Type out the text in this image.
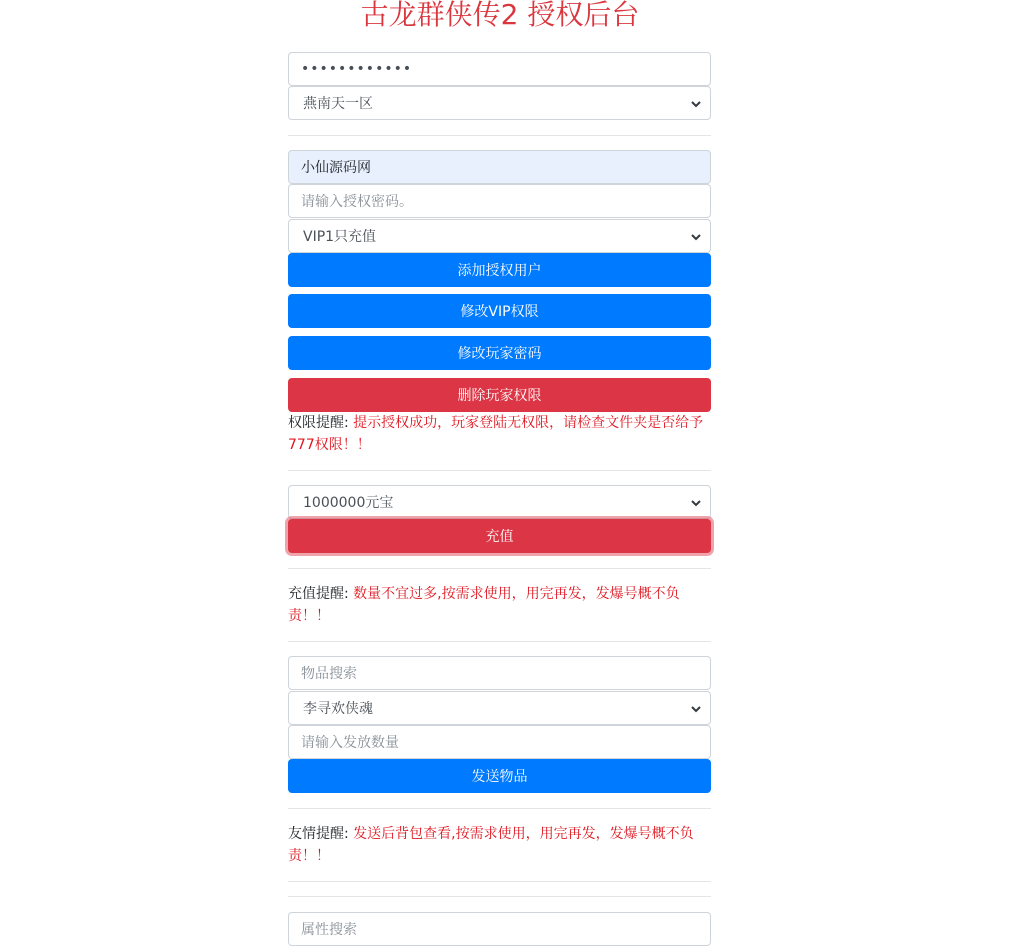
古龙群侠传2 授权后台
••••••••••••
燕南天一区
小仙源码网
请输入授权密码。
VIP1只充值
添加授权用户
修改VIP权限
修改玩家密码
删除玩家权限
权限提醒: 提示授权成功，玩家登陆无权限，请检查文件夹是否给予777权限！！
1000000元宝
充值
充值提醒: 数量不宜过多,按需求使用，用完再发，发爆号概不负责！！
物品搜索
李寻欢侠魂
请输入发放数量
发送物品
友情提醒: 发送后背包查看,按需求使用，用完再发，发爆号概不负责！！
属性搜索
